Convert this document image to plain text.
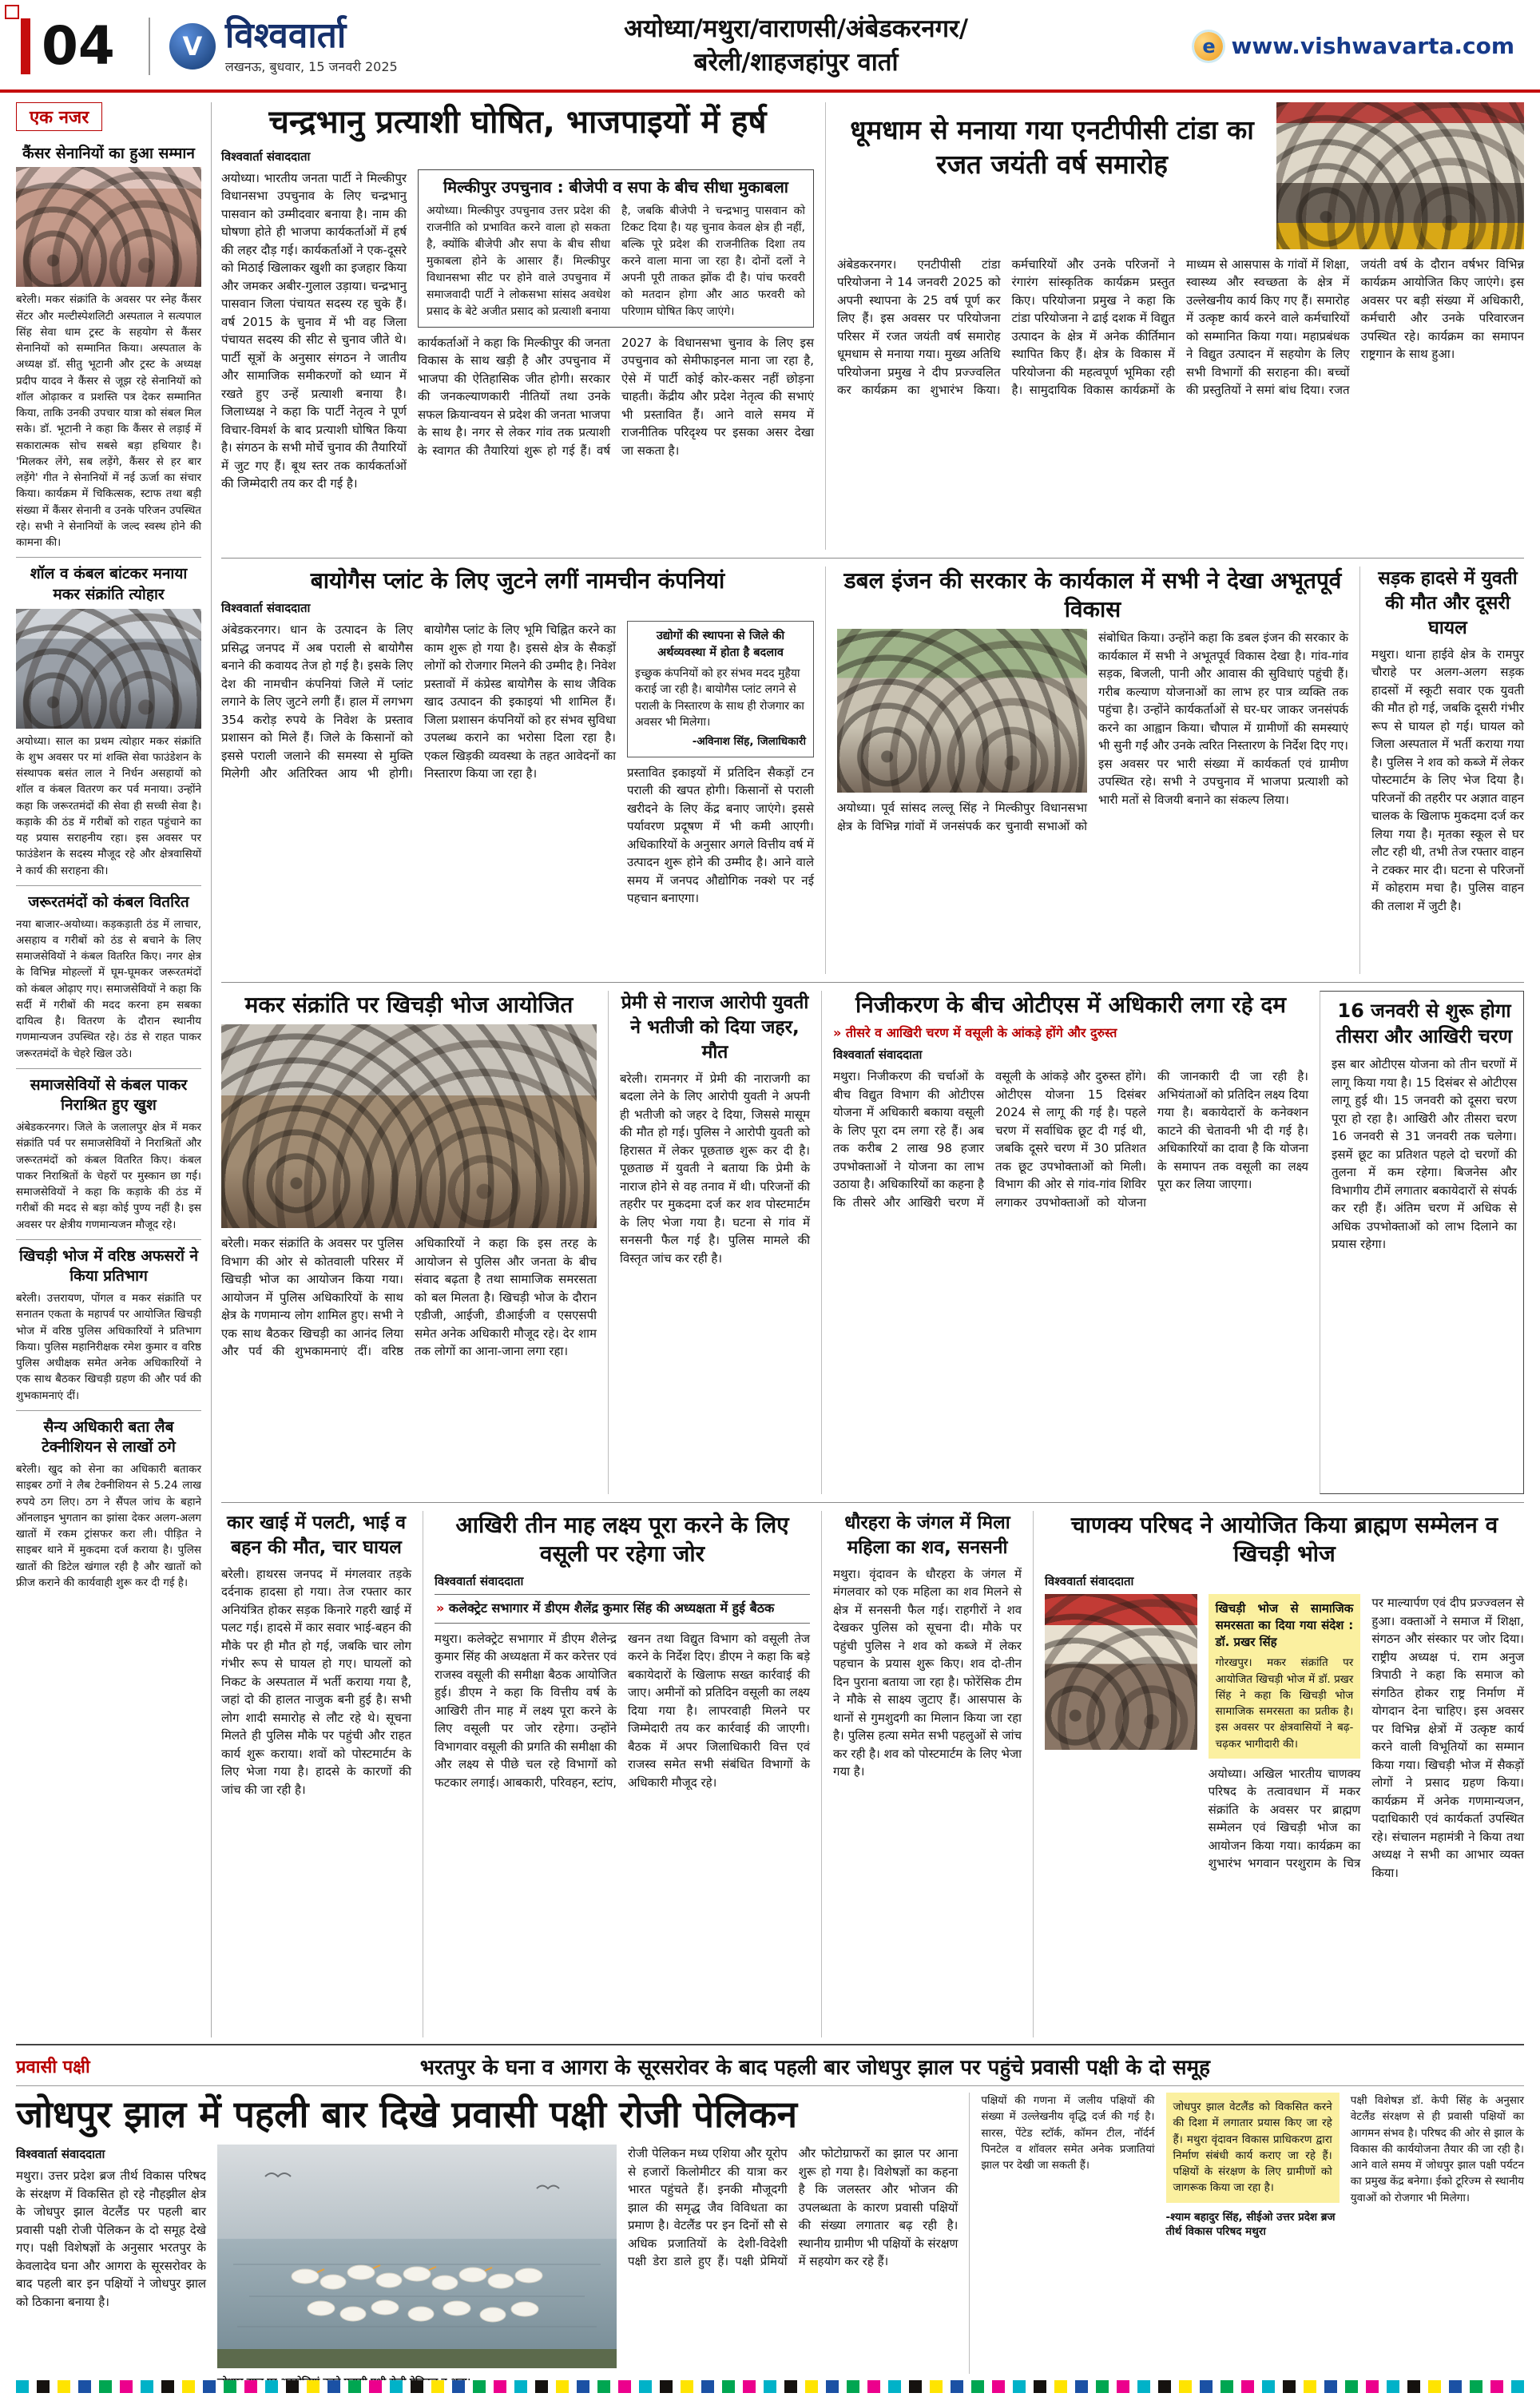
04	V विश्ववार्ता
लखनऊ, बुधवार, 15 जनवरी 2025
अयोध्या/मथुरा/वाराणसी/अंबेडकरनगर/
बरेली/शाहजहांपुर वार्ता
e www.vishwavarta.com
एक नजर
कैंसर सेनानियों का हुआ सम्मान

बरेली। मकर संक्रांति के अवसर पर स्नेह कैंसर सेंटर और मल्टीस्पेशलिटी अस्पताल ने सत्यपाल सिंह सेवा धाम ट्रस्ट के सहयोग से कैंसर सेनानियों को सम्मानित किया। अस्पताल के अध्यक्ष डॉ. सीतु भूटानी और ट्रस्ट के अध्यक्ष प्रदीप यादव ने कैंसर से जूझ रहे सेनानियों को शॉल ओढ़ाकर व प्रशस्ति पत्र देकर सम्मानित किया, ताकि उनकी उपचार यात्रा को संबल मिल सके। डॉ. भूटानी ने कहा कि कैंसर से लड़ाई में सकारात्मक सोच सबसे बड़ा हथियार है। 'मिलकर लेंगे, सब लड़ेंगे, कैंसर से हर बार लड़ेंगे' गीत ने सेनानियों में नई ऊर्जा का संचार किया। कार्यक्रम में चिकित्सक, स्टाफ तथा बड़ी संख्या में कैंसर सेनानी व उनके परिजन उपस्थित रहे। सभी ने सेनानियों के जल्द स्वस्थ होने की कामना की।

शॉल व कंबल बांटकर मनाया मकर संक्रांति त्योहार

अयोध्या। साल का प्रथम त्योहार मकर संक्रांति के शुभ अवसर पर मां शक्ति सेवा फाउंडेशन के संस्थापक बसंत लाल ने निर्धन असहायों को शॉल व कंबल वितरण कर पर्व मनाया। उन्होंने कहा कि जरूरतमंदों की सेवा ही सच्ची सेवा है। कड़ाके की ठंड में गरीबों को राहत पहुंचाने का यह प्रयास सराहनीय रहा। इस अवसर पर फाउंडेशन के सदस्य मौजूद रहे और क्षेत्रवासियों ने कार्य की सराहना की।

जरूरतमंदों को कंबल वितरित

नया बाजार-अयोध्या। कड़कड़ाती ठंड में लाचार, असहाय व गरीबों को ठंड से बचाने के लिए समाजसेवियों ने कंबल वितरित किए। नगर क्षेत्र के विभिन्न मोहल्लों में घूम-घूमकर जरूरतमंदों को कंबल ओढ़ाए गए। समाजसेवियों ने कहा कि सर्दी में गरीबों की मदद करना हम सबका दायित्व है। वितरण के दौरान स्थानीय गणमान्यजन उपस्थित रहे। ठंड से राहत पाकर जरूरतमंदों के चेहरे खिल उठे।

समाजसेवियों से कंबल पाकर निराश्रित हुए खुश

अंबेडकरनगर। जिले के जलालपुर क्षेत्र में मकर संक्रांति पर्व पर समाजसेवियों ने निराश्रितों और जरूरतमंदों को कंबल वितरित किए। कंबल पाकर निराश्रितों के चेहरों पर मुस्कान छा गई। समाजसेवियों ने कहा कि कड़ाके की ठंड में गरीबों की मदद से बड़ा कोई पुण्य नहीं है। इस अवसर पर क्षेत्रीय गणमान्यजन मौजूद रहे।

खिचड़ी भोज में वरिष्ठ अफसरों ने किया प्रतिभाग

बरेली। उत्तरायण, पोंगल व मकर संक्रांति पर सनातन एकता के महापर्व पर आयोजित खिचड़ी भोज में वरिष्ठ पुलिस अधिकारियों ने प्रतिभाग किया। पुलिस महानिरीक्षक रमेश कुमार व वरिष्ठ पुलिस अधीक्षक समेत अनेक अधिकारियों ने एक साथ बैठकर खिचड़ी ग्रहण की और पर्व की शुभकामनाएं दीं।

सैन्य अधिकारी बता लैब टेक्नीशियन से लाखों ठगे

बरेली। खुद को सेना का अधिकारी बताकर साइबर ठगों ने लैब टेक्नीशियन से 5.24 लाख रुपये ठग लिए। ठग ने सैंपल जांच के बहाने ऑनलाइन भुगतान का झांसा देकर अलग-अलग खातों में रकम ट्रांसफर करा ली। पीड़ित ने साइबर थाने में मुकदमा दर्ज कराया है। पुलिस खातों की डिटेल खंगाल रही है और खातों को फ्रीज कराने की कार्यवाही शुरू कर दी गई है।

चन्द्रभानु प्रत्याशी घोषित, भाजपाइयों में हर्ष
विश्ववार्ता संवाददाता

अयोध्या। भारतीय जनता पार्टी ने मिल्कीपुर विधानसभा उपचुनाव के लिए चन्द्रभानु पासवान को उम्मीदवार बनाया है। नाम की घोषणा होते ही भाजपा कार्यकर्ताओं में हर्ष की लहर दौड़ गई। कार्यकर्ताओं ने एक-दूसरे को मिठाई खिलाकर खुशी का इजहार किया और जमकर अबीर-गुलाल उड़ाया। चन्द्रभानु पासवान जिला पंचायत सदस्य रह चुके हैं। वर्ष 2015 के चुनाव में भी वह जिला पंचायत सदस्य की सीट से चुनाव जीते थे। पार्टी सूत्रों के अनुसार संगठन ने जातीय और सामाजिक समीकरणों को ध्यान में रखते हुए उन्हें प्रत्याशी बनाया है। जिलाध्यक्ष ने कहा कि पार्टी नेतृत्व ने पूर्ण विचार-विमर्श के बाद प्रत्याशी घोषित किया है। संगठन के सभी मोर्चे चुनाव की तैयारियों में जुट गए हैं। बूथ स्तर तक कार्यकर्ताओं की जिम्मेदारी तय कर दी गई है।

मिल्कीपुर उपचुनाव : बीजेपी व सपा के बीच सीधा मुकाबला

अयोध्या। मिल्कीपुर उपचुनाव उत्तर प्रदेश की राजनीति को प्रभावित करने वाला हो सकता है, क्योंकि बीजेपी और सपा के बीच सीधा मुकाबला होने के आसार हैं। मिल्कीपुर विधानसभा सीट पर होने वाले उपचुनाव में समाजवादी पार्टी ने लोकसभा सांसद अवधेश प्रसाद के बेटे अजीत प्रसाद को प्रत्याशी बनाया है, जबकि बीजेपी ने चन्द्रभानु पासवान को टिकट दिया है। यह चुनाव केवल क्षेत्र ही नहीं, बल्कि पूरे प्रदेश की राजनीतिक दिशा तय करने वाला माना जा रहा है। दोनों दलों ने अपनी पूरी ताकत झोंक दी है। पांच फरवरी को मतदान होगा और आठ फरवरी को परिणाम घोषित किए जाएंगे।

कार्यकर्ताओं ने कहा कि मिल्कीपुर की जनता विकास के साथ खड़ी है और उपचुनाव में भाजपा की ऐतिहासिक जीत होगी। सरकार की जनकल्याणकारी नीतियों तथा उनके सफल क्रियान्वयन से प्रदेश की जनता भाजपा के साथ है। नगर से लेकर गांव तक प्रत्याशी के स्वागत की तैयारियां शुरू हो गई हैं। वर्ष 2027 के विधानसभा चुनाव के लिए इस उपचुनाव को सेमीफाइनल माना जा रहा है, ऐसे में पार्टी कोई कोर-कसर नहीं छोड़ना चाहती। केंद्रीय और प्रदेश नेतृत्व की सभाएं भी प्रस्तावित हैं। आने वाले समय में राजनीतिक परिदृश्य पर इसका असर देखा जा सकता है।

धूमधाम से मनाया गया एनटीपीसी टांडा का रजत जयंती वर्ष समारोह

अंबेडकरनगर। एनटीपीसी टांडा परियोजना ने 14 जनवरी 2025 को अपनी स्थापना के 25 वर्ष पूर्ण कर लिए हैं। इस अवसर पर परियोजना परिसर में रजत जयंती वर्ष समारोह धूमधाम से मनाया गया। मुख्य अतिथि परियोजना प्रमुख ने दीप प्रज्ज्वलित कर कार्यक्रम का शुभारंभ किया। कर्मचारियों और उनके परिजनों ने रंगारंग सांस्कृतिक कार्यक्रम प्रस्तुत किए। परियोजना प्रमुख ने कहा कि टांडा परियोजना ने ढाई दशक में विद्युत उत्पादन के क्षेत्र में अनेक कीर्तिमान स्थापित किए हैं। क्षेत्र के विकास में परियोजना की महत्वपूर्ण भूमिका रही है। सामुदायिक विकास कार्यक्रमों के माध्यम से आसपास के गांवों में शिक्षा, स्वास्थ्य और स्वच्छता के क्षेत्र में उल्लेखनीय कार्य किए गए हैं। समारोह में उत्कृष्ट कार्य करने वाले कर्मचारियों को सम्मानित किया गया। महाप्रबंधक ने विद्युत उत्पादन में सहयोग के लिए सभी विभागों की सराहना की। बच्चों की प्रस्तुतियों ने समां बांध दिया। रजत जयंती वर्ष के दौरान वर्षभर विभिन्न कार्यक्रम आयोजित किए जाएंगे। इस अवसर पर बड़ी संख्या में अधिकारी, कर्मचारी और उनके परिवारजन उपस्थित रहे। कार्यक्रम का समापन राष्ट्रगान के साथ हुआ।

बायोगैस प्लांट के लिए जुटने लगीं नामचीन कंपनियां
विश्ववार्ता संवाददाता

अंबेडकरनगर। धान के उत्पादन के लिए प्रसिद्ध जनपद में अब पराली से बायोगैस बनाने की कवायद तेज हो गई है। इसके लिए देश की नामचीन कंपनियां जिले में प्लांट लगाने के लिए जुटने लगी हैं। हाल में लगभग 354 करोड़ रुपये के निवेश के प्रस्ताव प्रशासन को मिले हैं। जिले के किसानों को इससे पराली जलाने की समस्या से मुक्ति मिलेगी और अतिरिक्त आय भी होगी। बायोगैस प्लांट के लिए भूमि चिह्नित करने का काम शुरू हो गया है। इससे क्षेत्र के सैकड़ों लोगों को रोजगार मिलने की उम्मीद है। निवेश प्रस्तावों में कंप्रेस्ड बायोगैस के साथ जैविक खाद उत्पादन की इकाइयां भी शामिल हैं। जिला प्रशासन कंपनियों को हर संभव सुविधा उपलब्ध कराने का भरोसा दिला रहा है। एकल खिड़की व्यवस्था के तहत आवेदनों का निस्तारण किया जा रहा है।

उद्योगों की स्थापना से जिले की अर्थव्यवस्था में होता है बदलाव

इच्छुक कंपनियों को हर संभव मदद मुहैया कराई जा रही है। बायोगैस प्लांट लगने से पराली के निस्तारण के साथ ही रोजगार का अवसर भी मिलेगा।
-अविनाश सिंह, जिलाधिकारी

प्रस्तावित इकाइयों में प्रतिदिन सैकड़ों टन पराली की खपत होगी। किसानों से पराली खरीदने के लिए केंद्र बनाए जाएंगे। इससे पर्यावरण प्रदूषण में भी कमी आएगी। अधिकारियों के अनुसार अगले वित्तीय वर्ष में उत्पादन शुरू होने की उम्मीद है। आने वाले समय में जनपद औद्योगिक नक्शे पर नई पहचान बनाएगा।

डबल इंजन की सरकार के कार्यकाल में सभी ने देखा अभूतपूर्व विकास
अयोध्या। पूर्व सांसद लल्लू सिंह ने मिल्कीपुर विधानसभा क्षेत्र के विभिन्न गांवों में जनसंपर्क कर चुनावी सभाओं को संबोधित किया। उन्होंने कहा कि डबल इंजन की सरकार के कार्यकाल में सभी ने अभूतपूर्व विकास देखा है। गांव-गांव सड़क, बिजली, पानी और आवास की सुविधाएं पहुंची हैं। गरीब कल्याण योजनाओं का लाभ हर पात्र व्यक्ति तक पहुंचा है। उन्होंने कार्यकर्ताओं से घर-घर जाकर जनसंपर्क करने का आह्वान किया। चौपाल में ग्रामीणों की समस्याएं भी सुनी गईं और उनके त्वरित निस्तारण के निर्देश दिए गए। इस अवसर पर भारी संख्या में कार्यकर्ता एवं ग्रामीण उपस्थित रहे। सभी ने उपचुनाव में भाजपा प्रत्याशी को भारी मतों से विजयी बनाने का संकल्प लिया।
सड़क हादसे में युवती की मौत और दूसरी घायल

मथुरा। थाना हाईवे क्षेत्र के रामपुर चौराहे पर अलग-अलग सड़क हादसों में स्कूटी सवार एक युवती की मौत हो गई, जबकि दूसरी गंभीर रूप से घायल हो गई। घायल को जिला अस्पताल में भर्ती कराया गया है। पुलिस ने शव को कब्जे में लेकर पोस्टमार्टम के लिए भेज दिया है। परिजनों की तहरीर पर अज्ञात वाहन चालक के खिलाफ मुकदमा दर्ज कर लिया गया है। मृतका स्कूल से घर लौट रही थी, तभी तेज रफ्तार वाहन ने टक्कर मार दी। घटना से परिजनों में कोहराम मचा है। पुलिस वाहन की तलाश में जुटी है।

मकर संक्रांति पर खिचड़ी भोज आयोजित

बरेली। मकर संक्रांति के अवसर पर पुलिस विभाग की ओर से कोतवाली परिसर में खिचड़ी भोज का आयोजन किया गया। आयोजन में पुलिस अधिकारियों के साथ क्षेत्र के गणमान्य लोग शामिल हुए। सभी ने एक साथ बैठकर खिचड़ी का आनंद लिया और पर्व की शुभकामनाएं दीं। वरिष्ठ अधिकारियों ने कहा कि इस तरह के आयोजन से पुलिस और जनता के बीच संवाद बढ़ता है तथा सामाजिक समरसता को बल मिलता है। खिचड़ी भोज के दौरान एडीजी, आईजी, डीआईजी व एसएसपी समेत अनेक अधिकारी मौजूद रहे। देर शाम तक लोगों का आना-जाना लगा रहा।

प्रेमी से नाराज आरोपी युवती ने भतीजी को दिया जहर, मौत

बरेली। रामनगर में प्रेमी की नाराजगी का बदला लेने के लिए आरोपी युवती ने अपनी ही भतीजी को जहर दे दिया, जिससे मासूम की मौत हो गई। पुलिस ने आरोपी युवती को हिरासत में लेकर पूछताछ शुरू कर दी है। पूछताछ में युवती ने बताया कि प्रेमी के नाराज होने से वह तनाव में थी। परिजनों की तहरीर पर मुकदमा दर्ज कर शव पोस्टमार्टम के लिए भेजा गया है। घटना से गांव में सनसनी फैल गई है। पुलिस मामले की विस्तृत जांच कर रही है।

निजीकरण के बीच ओटीएस में अधिकारी लगा रहे दम
» तीसरे व आखिरी चरण में वसूली के आंकड़े होंगे और दुरुस्त
विश्ववार्ता संवाददाता

मथुरा। निजीकरण की चर्चाओं के बीच विद्युत विभाग की ओटीएस योजना में अधिकारी बकाया वसूली के लिए पूरा दम लगा रहे हैं। अब तक करीब 2 लाख 98 हजार उपभोक्ताओं ने योजना का लाभ उठाया है। अधिकारियों का कहना है कि तीसरे और आखिरी चरण में वसूली के आंकड़े और दुरुस्त होंगे। ओटीएस योजना 15 दिसंबर 2024 से लागू की गई है। पहले चरण में सर्वाधिक छूट दी गई थी, जबकि दूसरे चरण में 30 प्रतिशत तक छूट उपभोक्ताओं को मिली। विभाग की ओर से गांव-गांव शिविर लगाकर उपभोक्ताओं को योजना की जानकारी दी जा रही है। अभियंताओं को प्रतिदिन लक्ष्य दिया गया है। बकायेदारों के कनेक्शन काटने की चेतावनी भी दी गई है। अधिकारियों का दावा है कि योजना के समापन तक वसूली का लक्ष्य पूरा कर लिया जाएगा।

16 जनवरी से शुरू होगा तीसरा और आखिरी चरण

इस बार ओटीएस योजना को तीन चरणों में लागू किया गया है। 15 दिसंबर से ओटीएस लागू हुई थी। 15 जनवरी को दूसरा चरण पूरा हो रहा है। आखिरी और तीसरा चरण 16 जनवरी से 31 जनवरी तक चलेगा। इसमें छूट का प्रतिशत पहले दो चरणों की तुलना में कम रहेगा। बिजनेस और विभागीय टीमें लगातार बकायेदारों से संपर्क कर रही हैं। अंतिम चरण में अधिक से अधिक उपभोक्ताओं को लाभ दिलाने का प्रयास रहेगा।

कार खाई में पलटी, भाई व बहन की मौत, चार घायल

बरेली। हाथरस जनपद में मंगलवार तड़के दर्दनाक हादसा हो गया। तेज रफ्तार कार अनियंत्रित होकर सड़क किनारे गहरी खाई में पलट गई। हादसे में कार सवार भाई-बहन की मौके पर ही मौत हो गई, जबकि चार लोग गंभीर रूप से घायल हो गए। घायलों को निकट के अस्पताल में भर्ती कराया गया है, जहां दो की हालत नाजुक बनी हुई है। सभी लोग शादी समारोह से लौट रहे थे। सूचना मिलते ही पुलिस मौके पर पहुंची और राहत कार्य शुरू कराया। शवों को पोस्टमार्टम के लिए भेजा गया है। हादसे के कारणों की जांच की जा रही है।

आखिरी तीन माह लक्ष्य पूरा करने के लिए वसूली पर रहेगा जोर
विश्ववार्ता संवाददाता
» कलेक्ट्रेट सभागार में डीएम शैलेंद्र कुमार सिंह की अध्यक्षता में हुई बैठक

मथुरा। कलेक्ट्रेट सभागार में डीएम शैलेन्द्र कुमार सिंह की अध्यक्षता में कर करेत्तर एवं राजस्व वसूली की समीक्षा बैठक आयोजित हुई। डीएम ने कहा कि वित्तीय वर्ष के आखिरी तीन माह में लक्ष्य पूरा करने के लिए वसूली पर जोर रहेगा। उन्होंने विभागवार वसूली की प्रगति की समीक्षा की और लक्ष्य से पीछे चल रहे विभागों को फटकार लगाई। आबकारी, परिवहन, स्टांप, खनन तथा विद्युत विभाग को वसूली तेज करने के निर्देश दिए। डीएम ने कहा कि बड़े बकायेदारों के खिलाफ सख्त कार्रवाई की जाए। अमीनों को प्रतिदिन वसूली का लक्ष्य दिया गया है। लापरवाही मिलने पर जिम्मेदारी तय कर कार्रवाई की जाएगी। बैठक में अपर जिलाधिकारी वित्त एवं राजस्व समेत सभी संबंधित विभागों के अधिकारी मौजूद रहे।

धौरहरा के जंगल में मिला महिला का शव, सनसनी

मथुरा। वृंदावन के धौरहरा के जंगल में मंगलवार को एक महिला का शव मिलने से क्षेत्र में सनसनी फैल गई। राहगीरों ने शव देखकर पुलिस को सूचना दी। मौके पर पहुंची पुलिस ने शव को कब्जे में लेकर पहचान के प्रयास शुरू किए। शव दो-तीन दिन पुराना बताया जा रहा है। फोरेंसिक टीम ने मौके से साक्ष्य जुटाए हैं। आसपास के थानों से गुमशुदगी का मिलान किया जा रहा है। पुलिस हत्या समेत सभी पहलुओं से जांच कर रही है। शव को पोस्टमार्टम के लिए भेजा गया है।

चाणक्य परिषद ने आयोजित किया ब्राह्मण सम्मेलन व खिचड़ी भोज
विश्ववार्ता संवाददाता
खिचड़ी भोज से सामाजिक समरसता का दिया गया संदेश : डॉ. प्रखर सिंह

गोरखपुर। मकर संक्रांति पर आयोजित खिचड़ी भोज में डॉ. प्रखर सिंह ने कहा कि खिचड़ी भोज सामाजिक समरसता का प्रतीक है। इस अवसर पर क्षेत्रवासियों ने बढ़-चढ़कर भागीदारी की।

अयोध्या। अखिल भारतीय चाणक्य परिषद के तत्वावधान में मकर संक्रांति के अवसर पर ब्राह्मण सम्मेलन एवं खिचड़ी भोज का आयोजन किया गया। कार्यक्रम का शुभारंभ भगवान परशुराम के चित्र पर माल्यार्पण एवं दीप प्रज्ज्वलन से हुआ। वक्ताओं ने समाज में शिक्षा, संगठन और संस्कार पर जोर दिया। राष्ट्रीय अध्यक्ष पं. राम अनुज त्रिपाठी ने कहा कि समाज को संगठित होकर राष्ट्र निर्माण में योगदान देना चाहिए। इस अवसर पर विभिन्न क्षेत्रों में उत्कृष्ट कार्य करने वाली विभूतियों का सम्मान किया गया। खिचड़ी भोज में सैकड़ों लोगों ने प्रसाद ग्रहण किया। कार्यक्रम में अनेक गणमान्यजन, पदाधिकारी एवं कार्यकर्ता उपस्थित रहे। संचालन महामंत्री ने किया तथा अध्यक्ष ने सभी का आभार व्यक्त किया।
प्रवासी पक्षी	भरतपुर के घना व आगरा के सूरसरोवर के बाद पहली बार जोधपुर झाल पर पहुंचे प्रवासी पक्षी के दो समूह
जोधपुर झाल में पहली बार दिखे प्रवासी पक्षी रोजी पेलिकन
विश्ववार्ता संवाददाता

मथुरा। उत्तर प्रदेश ब्रज तीर्थ विकास परिषद के संरक्षण में विकसित हो रहे नौहझील क्षेत्र के जोधपुर झाल वेटलैंड पर पहली बार प्रवासी पक्षी रोजी पेलिकन के दो समूह देखे गए। पक्षी विशेषज्ञों के अनुसार भरतपुर के केवलादेव घना और आगरा के सूरसरोवर के बाद पहली बार इन पक्षियों ने जोधपुर झाल को ठिकाना बनाया है।

रोजी पेलिकन मध्य एशिया और यूरोप से हजारों किलोमीटर की यात्रा कर भारत पहुंचते हैं। इनकी मौजूदगी झाल की समृद्ध जैव विविधता का प्रमाण है। वेटलैंड पर इन दिनों सौ से अधिक प्रजातियों के देशी-विदेशी पक्षी डेरा डाले हुए हैं। पक्षी प्रेमियों और फोटोग्राफरों का झाल पर आना शुरू हो गया है। विशेषज्ञों का कहना है कि जलस्तर और भोजन की उपलब्धता के कारण प्रवासी पक्षियों की संख्या लगातार बढ़ रही है। स्थानीय ग्रामीण भी पक्षियों के संरक्षण में सहयोग कर रहे हैं।

पक्षियों की गणना में जलीय पक्षियों की संख्या में उल्लेखनीय वृद्धि दर्ज की गई है। सारस, पेंटेड स्टॉर्क, कॉमन टील, नॉर्दर्न पिनटेल व शॉवलर समेत अनेक प्रजातियां झाल पर देखी जा सकती हैं।

जोधपुर झाल वेटलैंड को विकसित करने की दिशा में लगातार प्रयास किए जा रहे हैं। मथुरा वृंदावन विकास प्राधिकरण द्वारा निर्माण संबंधी कार्य कराए जा रहे हैं। पक्षियों के संरक्षण के लिए ग्रामीणों को जागरूक किया जा रहा है।

-श्याम बहादुर सिंह, सीईओ उत्तर प्रदेश ब्रज तीर्थ विकास परिषद मथुरा

पक्षी विशेषज्ञ डॉ. केपी सिंह के अनुसार वेटलैंड संरक्षण से ही प्रवासी पक्षियों का आगमन संभव है। परिषद की ओर से झाल के विकास की कार्ययोजना तैयार की जा रही है। आने वाले समय में जोधपुर झाल पक्षी पर्यटन का प्रमुख केंद्र बनेगा। ईको टूरिज्म से स्थानीय युवाओं को रोजगार भी मिलेगा।
